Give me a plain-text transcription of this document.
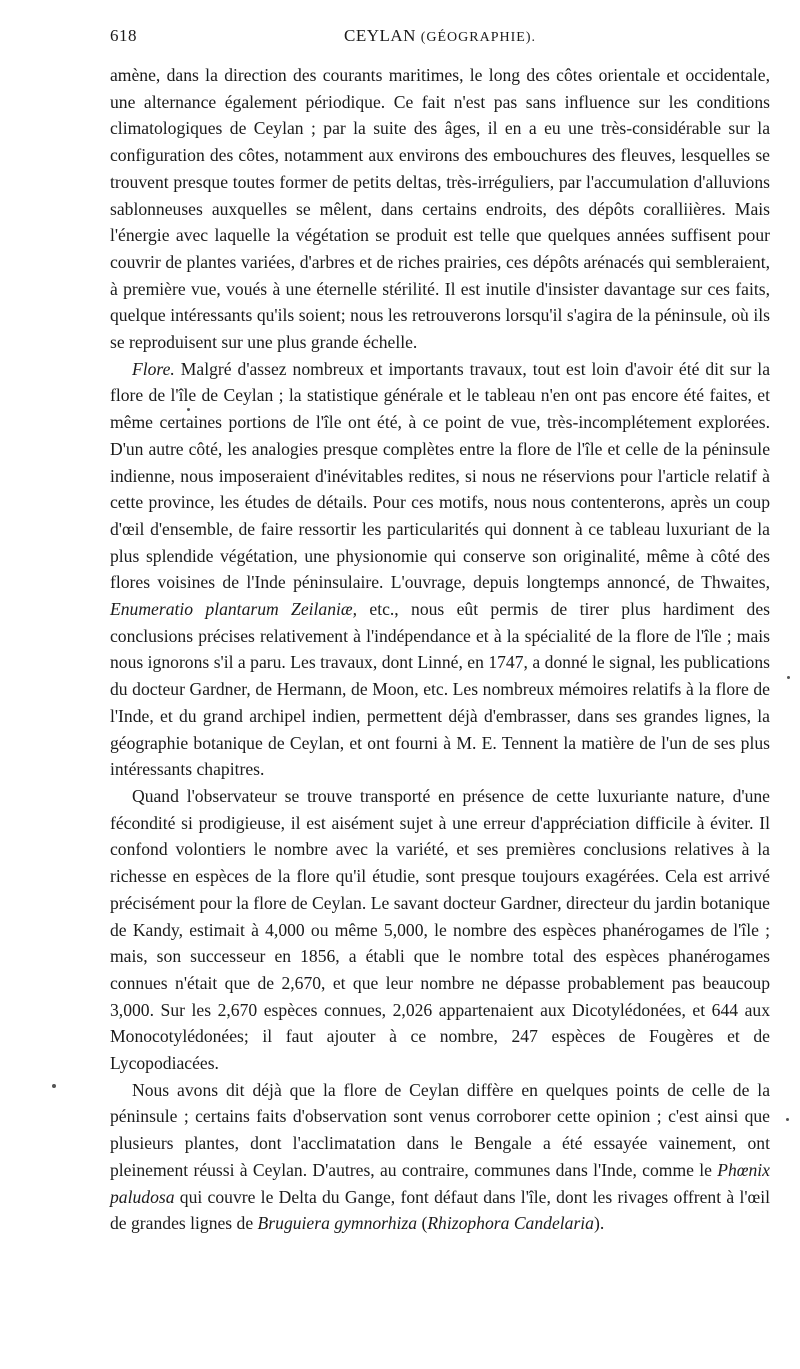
618	CEYLAN (GÉOGRAPHIE).

amène, dans la direction des courants maritimes, le long des côtes orientale et occidentale, une alternance également périodique. Ce fait n'est pas sans influence sur les conditions climatologiques de Ceylan ; par la suite des âges, il en a eu une très-considérable sur la configuration des côtes, notamment aux environs des embouchures des fleuves, lesquelles se trouvent presque toutes former de petits deltas, très-irréguliers, par l'accumulation d'alluvions sablonneuses auxquelles se mêlent, dans certains endroits, des dépôts coralliières. Mais l'énergie avec laquelle la végétation se produit est telle que quelques années suffisent pour couvrir de plantes variées, d'arbres et de riches prairies, ces dépôts arénacés qui sembleraient, à première vue, voués à une éternelle stérilité. Il est inutile d'insister davantage sur ces faits, quelque intéressants qu'ils soient; nous les retrouverons lorsqu'il s'agira de la péninsule, où ils se reproduisent sur une plus grande échelle.

Flore. Malgré d'assez nombreux et importants travaux, tout est loin d'avoir été dit sur la flore de l'île de Ceylan ; la statistique générale et le tableau n'en ont pas encore été faites, et même certaines portions de l'île ont été, à ce point de vue, très-incomplétement explorées. D'un autre côté, les analogies presque complètes entre la flore de l'île et celle de la péninsule indienne, nous imposeraient d'inévitables redites, si nous ne réservions pour l'article relatif à cette province, les études de détails. Pour ces motifs, nous nous contenterons, après un coup d'œil d'ensemble, de faire ressortir les particularités qui donnent à ce tableau luxuriant de la plus splendide végétation, une physionomie qui conserve son originalité, même à côté des flores voisines de l'Inde péninsulaire. L'ouvrage, depuis longtemps annoncé, de Thwaites, Enumeratio plantarum Zeilaniæ, etc., nous eût permis de tirer plus hardiment des conclusions précises relativement à l'indépendance et à la spécialité de la flore de l'île ; mais nous ignorons s'il a paru. Les travaux, dont Linné, en 1747, a donné le signal, les publications du docteur Gardner, de Hermann, de Moon, etc. Les nombreux mémoires relatifs à la flore de l'Inde, et du grand archipel indien, permettent déjà d'embrasser, dans ses grandes lignes, la géographie botanique de Ceylan, et ont fourni à M. E. Tennent la matière de l'un de ses plus intéressants chapitres.

Quand l'observateur se trouve transporté en présence de cette luxuriante nature, d'une fécondité si prodigieuse, il est aisément sujet à une erreur d'appréciation difficile à éviter. Il confond volontiers le nombre avec la variété, et ses premières conclusions relatives à la richesse en espèces de la flore qu'il étudie, sont presque toujours exagérées. Cela est arrivé précisément pour la flore de Ceylan. Le savant docteur Gardner, directeur du jardin botanique de Kandy, estimait à 4,000 ou même 5,000, le nombre des espèces phanérogames de l'île ; mais, son successeur en 1856, a établi que le nombre total des espèces phanérogames connues n'était que de 2,670, et que leur nombre ne dépasse probablement pas beaucoup 3,000. Sur les 2,670 espèces connues, 2,026 appartenaient aux Dicotylédonées, et 644 aux Monocotylédonées; il faut ajouter à ce nombre, 247 espèces de Fougères et de Lycopodiacées.

Nous avons dit déjà que la flore de Ceylan diffère en quelques points de celle de la péninsule ; certains faits d'observation sont venus corroborer cette opinion ; c'est ainsi que plusieurs plantes, dont l'acclimatation dans le Bengale a été essayée vainement, ont pleinement réussi à Ceylan. D'autres, au contraire, communes dans l'Inde, comme le Phœnix paludosa qui couvre le Delta du Gange, font défaut dans l'île, dont les rivages offrent à l'œil de grandes lignes de Bruguiera gymnorhiza (Rhizophora Candelaria).
